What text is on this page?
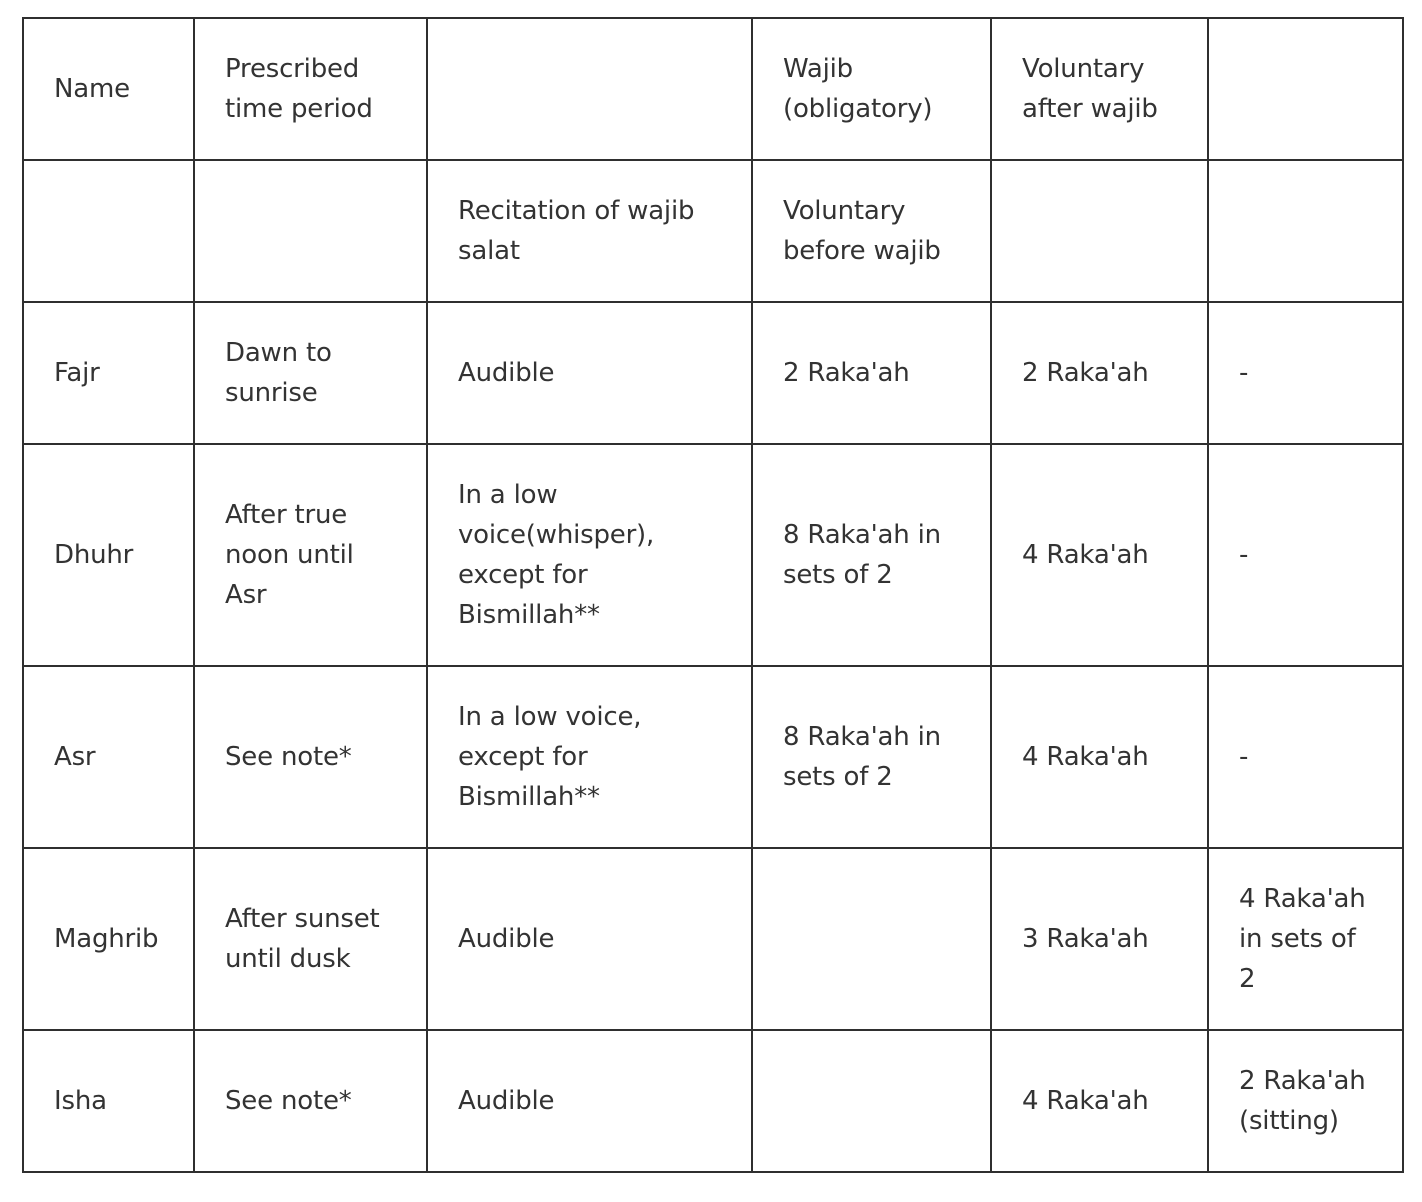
Name	Prescribed time period		Wajib (obligatory)	Voluntary after wajib	
		Recitation of wajib salat	Voluntary before wajib		
Fajr	Dawn to sunrise	Audible	2 Raka'ah	2 Raka'ah	-
Dhuhr	After true noon until Asr	In a low voice(whisper), except for Bismillah**	8 Raka'ah in sets of 2	4 Raka'ah	-
Asr	See note*	In a low voice, except for Bismillah**	8 Raka'ah in sets of 2	4 Raka'ah	-
Maghrib	After sunset until dusk	Audible		3 Raka'ah	4 Raka'ah in sets of 2
Isha	See note*	Audible		4 Raka'ah	2 Raka'ah (sitting)
